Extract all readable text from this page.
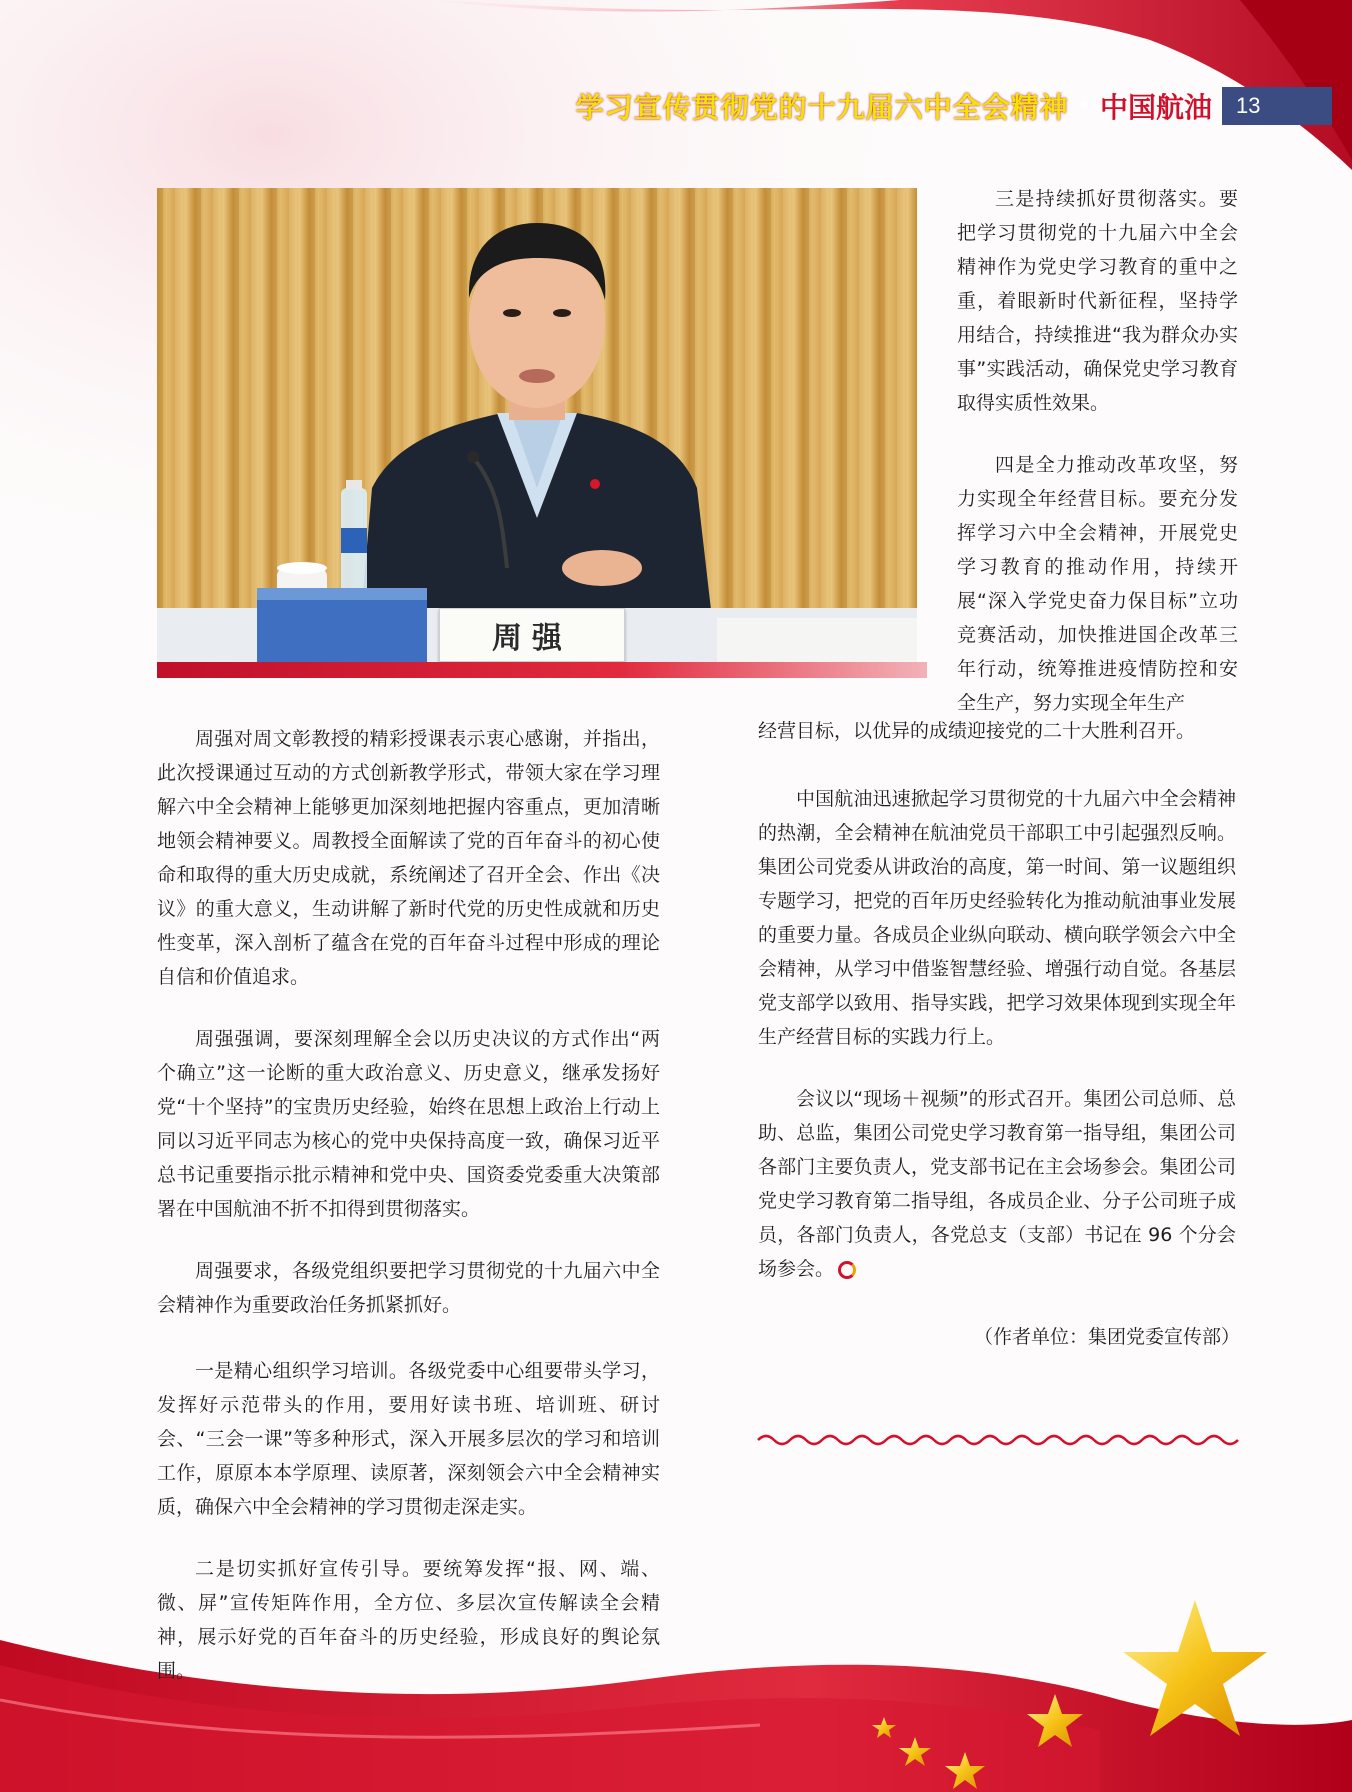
学习宣传贯彻党的十九届六中全会精神 • 中国航油	13
周强

三是持续抓好贯彻落实。要把学习贯彻党的十九届六中全会精神作为党史学习教育的重中之重，着眼新时代新征程，坚持学用结合，持续推进“我为群众办实事”实践活动，确保党史学习教育取得实质性效果。

四是全力推动改革攻坚，努力实现全年经营目标。要充分发挥学习六中全会精神，开展党史学习教育的推动作用，持续开展“深入学党史奋力保目标”立功竞赛活动，加快推进国企改革三年行动，统筹推进疫情防控和安全生产，努力实现全年生产

经营目标，以优异的成绩迎接党的二十大胜利召开。

中国航油迅速掀起学习贯彻党的十九届六中全会精神的热潮，全会精神在航油党员干部职工中引起强烈反响。集团公司党委从讲政治的高度，第一时间、第一议题组织专题学习，把党的百年历史经验转化为推动航油事业发展的重要力量。各成员企业纵向联动、横向联学领会六中全会精神，从学习中借鉴智慧经验、增强行动自觉。各基层党支部学以致用、指导实践，把学习效果体现到实现全年生产经营目标的实践力行上。

会议以“现场＋视频”的形式召开。集团公司总师、总助、总监，集团公司党史学习教育第一指导组，集团公司各部门主要负责人，党支部书记在主会场参会。集团公司党史学习教育第二指导组，各成员企业、分子公司班子成员，各部门负责人，各党总支（支部）书记在 96 个分会场参会。

（作者单位：集团党委宣传部）

周强对周文彰教授的精彩授课表示衷心感谢，并指出，此次授课通过互动的方式创新教学形式，带领大家在学习理解六中全会精神上能够更加深刻地把握内容重点，更加清晰地领会精神要义。周教授全面解读了党的百年奋斗的初心使命和取得的重大历史成就，系统阐述了召开全会、作出《决议》的重大意义，生动讲解了新时代党的历史性成就和历史性变革，深入剖析了蕴含在党的百年奋斗过程中形成的理论自信和价值追求。

周强强调，要深刻理解全会以历史决议的方式作出“两个确立”这一论断的重大政治意义、历史意义，继承发扬好党“十个坚持”的宝贵历史经验，始终在思想上政治上行动上同以习近平同志为核心的党中央保持高度一致，确保习近平总书记重要指示批示精神和党中央、国资委党委重大决策部署在中国航油不折不扣得到贯彻落实。

周强要求，各级党组织要把学习贯彻党的十九届六中全会精神作为重要政治任务抓紧抓好。

一是精心组织学习培训。各级党委中心组要带头学习，发挥好示范带头的作用，要用好读书班、培训班、研讨会、“三会一课”等多种形式，深入开展多层次的学习和培训工作，原原本本学原理、读原著，深刻领会六中全会精神实质，确保六中全会精神的学习贯彻走深走实。

二是切实抓好宣传引导。要统筹发挥“报、网、端、微、屏”宣传矩阵作用，全方位、多层次宣传解读全会精神，展示好党的百年奋斗的历史经验，形成良好的舆论氛围。
